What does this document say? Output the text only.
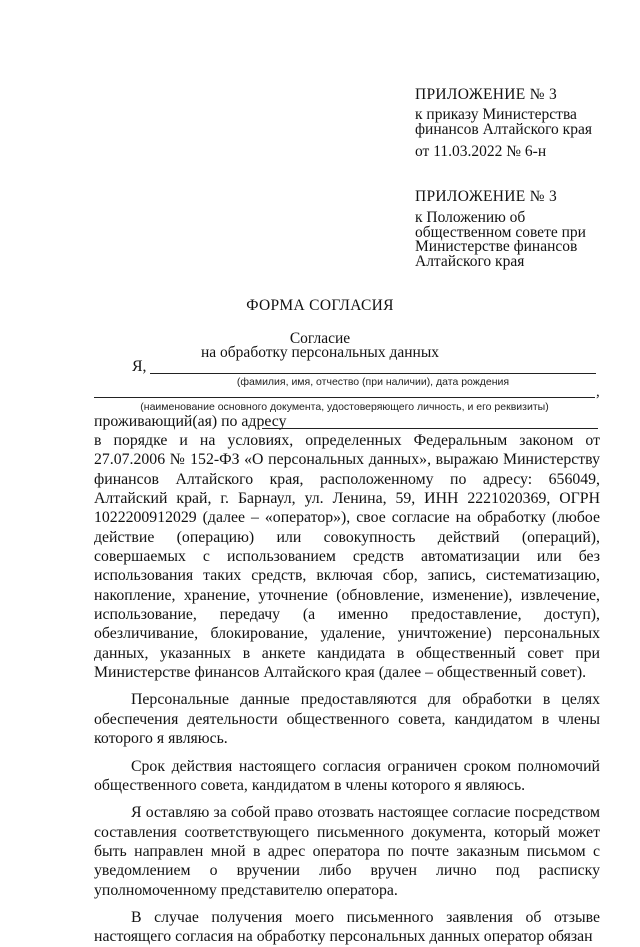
ПРИЛОЖЕНИЕ № 3
к приказу Министерства
финансов Алтайского края
от 11.03.2022 № 6-н
ПРИЛОЖЕНИЕ № 3
к Положению об
общественном совете при
Министерстве финансов
Алтайского края
ФОРМА СОГЛАСИЯ
Согласие
на обработку персональных данных
Я,
(фамилия, имя, отчество (при наличии), дата рождения
,
(наименование основного документа, удостоверяющего личность, и его реквизиты)
проживающий(ая) по адресу

в порядке и на условиях, определенных Федеральным законом от 27.07.2006 № 152-ФЗ «О персональных данных», выражаю Министерству финансов Алтайского края, расположенному по адресу: 656049, Алтайский край, г. Барнаул, ул. Ленина, 59, ИНН 2221020369, ОГРН 1022200912029 (далее – «оператор»), свое согласие на обработку (любое действие (операцию) или совокупность действий (операций), совершаемых с использованием средств автоматизации или без использования таких средств, включая сбор, запись, систематизацию, накопление, хранение, уточнение (обновление, изменение), извлечение, использование, передачу (а именно предоставление, доступ), обезличивание, блокирование, удаление, уничтожение) персональных данных, указанных в анкете кандидата в общественный совет при Министерстве финансов Алтайского края (далее – общественный совет).

Персональные данные предоставляются для обработки в целях обеспечения деятельности общественного совета, кандидатом в члены которого я являюсь.

Срок действия настоящего согласия ограничен сроком полномочий общественного совета, кандидатом в члены которого я являюсь.

Я оставляю за собой право отозвать настоящее согласие посредством составления соответствующего письменного документа, который может быть направлен мной в адрес оператора по почте заказным письмом с уведомлением о вручении либо вручен лично под расписку уполномоченному представителю оператора.

В случае получения моего письменного заявления об отзыве настоящего согласия на обработку персональных данных оператор обязан
